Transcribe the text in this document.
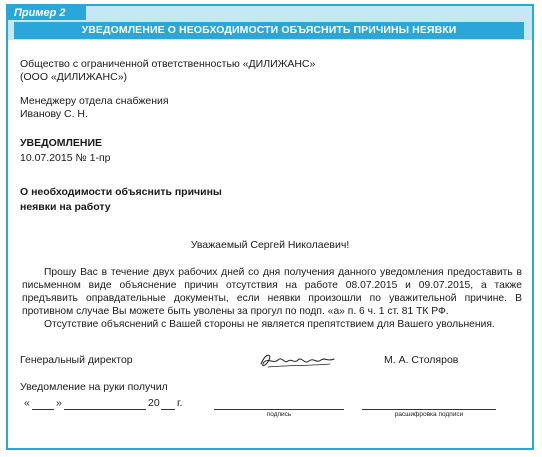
Пример 2
УВЕДОМЛЕНИЕ О НЕОБХОДИМОСТИ ОБЪЯСНИТЬ ПРИЧИНЫ НЕЯВКИ
Общество с ограниченной ответственностью «ДИЛИЖАНС»
(ООО «ДИЛИЖАНС»)
Менеджеру отдела снабжения
Иванову С. Н.
УВЕДОМЛЕНИЕ
10.07.2015 № 1-пр
О необходимости объяснить причины
неявки на работу
Уважаемый Сергей Николаевич!
Прошу Вас в течение двух рабочих дней со дня получения данного уведомления предоставить в письменном виде объяснение причин отсутствия на работе 08.07.2015 и 09.07.2015, а также предъявить оправдательные документы, если неявки произошли по уважительной причине. В противном случае Вы можете быть уволены за прогул по подп. «а» п. 6 ч. 1 ст. 81 ТК РФ.
Отсутствие объяснений с Вашей стороны не является препятствием для Вашего увольнения.
Генеральный директор	М. А. Столяров
Уведомление на руки получил
« »	20 г.
подпись	расшифровка подписи
